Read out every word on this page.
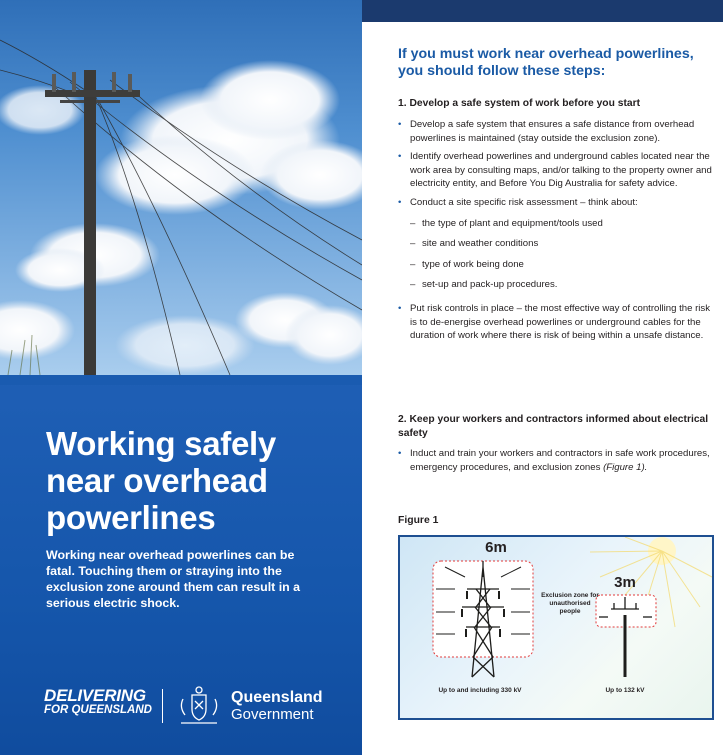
Working safely
near overhead
powerlines

Working near overhead powerlines can be fatal. Touching them or straying into the exclusion zone around them can result in a serious electric shock.

DELIVERING
FOR QUEENSLAND
Queensland
Government
If you must work near overhead powerlines, you should follow these steps:
1. Develop a safe system of work before you start
• Develop a safe system that ensures a safe distance from overhead powerlines is maintained (stay outside the exclusion zone).
• Identify overhead powerlines and underground cables located near the work area by consulting maps, and/or talking to the property owner and electricity entity, and Before You Dig Australia for safety advice.
• Conduct a site specific risk assessment – think about:
– the type of plant and equipment/tools used
– site and weather conditions
– type of work being done
– set-up and pack-up procedures.
• Put risk controls in place – the most effective way of controlling the risk is to de-energise overhead powerlines or underground cables for the duration of work where there is risk of being within a unsafe distance.
2. Keep your workers and contractors informed about electrical safety
• Induct and train your workers and contractors in safe work procedures, emergency procedures, and exclusion zones (Figure 1).
Figure 1
6m
3m
Exclusion zone for unauthorised people
Up to and including 330 kV	Up to 132 kV
